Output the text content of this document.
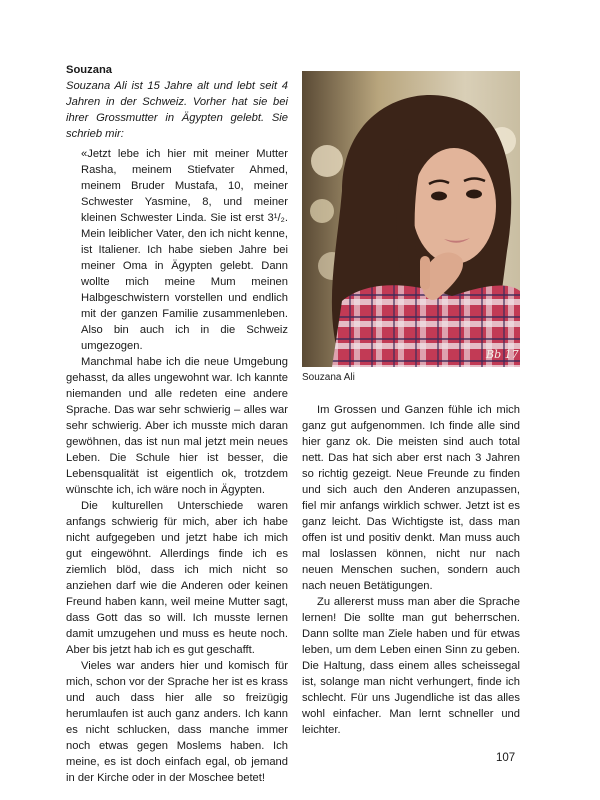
Souzana
Souzana Ali ist 15 Jahre alt und lebt seit 4 Jahren in der Schweiz. Vorher hat sie bei ihrer Grossmutter in Ägypten gelebt. Sie schrieb mir:

«Jetzt lebe ich hier mit meiner Mutter Rasha, meinem Stiefvater Ahmed, meinem Bruder Mustafa, 10, meiner Schwester Yasmine, 8, und meiner kleinen Schwester Linda. Sie ist erst 3¹/₂. Mein leiblicher Vater, den ich nicht kenne, ist Italiener. Ich habe sieben Jahre bei meiner Oma in Ägypten gelebt. Dann wollte mich meine Mum meinen Halbgeschwistern vorstellen und endlich mit der ganzen Familie zusammenleben. Also bin auch ich in die Schweiz umgezogen.

Manchmal habe ich die neue Umgebung gehasst, da alles ungewohnt war. Ich kannte niemanden und alle redeten eine andere Sprache. Das war sehr schwierig – alles war sehr schwierig. Aber ich musste mich daran gewöhnen, das ist nun mal jetzt mein neues Leben. Die Schule hier ist besser, die Lebensqualität ist eigentlich ok, trotzdem wünschte ich, ich wäre noch in Ägypten.

Die kulturellen Unterschiede waren anfangs schwierig für mich, aber ich habe nicht aufgegeben und jetzt habe ich mich gut eingewöhnt. Allerdings finde ich es ziemlich blöd, dass ich mich nicht so anziehen darf wie die Anderen oder keinen Freund haben kann, weil meine Mutter sagt, dass Gott das so will. Ich musste lernen damit umzugehen und muss es heute noch. Aber bis jetzt hab ich es gut geschafft.

Vieles war anders hier und komisch für mich, schon vor der Sprache her ist es krass und auch dass hier alle so freizügig herumlaufen ist auch ganz anders. Ich kann es nicht schlucken, dass manche immer noch etwas gegen Moslems haben. Ich meine, es ist doch einfach egal, ob jemand in der Kirche oder in der Moschee betet!

Bb 17
Souzana Ali

Im Grossen und Ganzen fühle ich mich ganz gut aufgenommen. Ich finde alle sind hier ganz ok. Die meisten sind auch total nett. Das hat sich aber erst nach 3 Jahren so richtig gezeigt. Neue Freunde zu finden und sich auch den Anderen anzupassen, fiel mir anfangs wirklich schwer. Jetzt ist es ganz leicht. Das Wichtigste ist, dass man offen ist und positiv denkt. Man muss auch mal loslassen können, nicht nur nach neuen Menschen suchen, sondern auch nach neuen Betätigungen.

Zu allererst muss man aber die Sprache lernen! Die sollte man gut beherrschen. Dann sollte man Ziele haben und für etwas leben, um dem Leben einen Sinn zu geben. Die Haltung, dass einem alles scheissegal ist, solange man nicht verhungert, finde ich schlecht. Für uns Jugendliche ist das alles wohl einfacher. Man lernt schneller und leichter.

107
